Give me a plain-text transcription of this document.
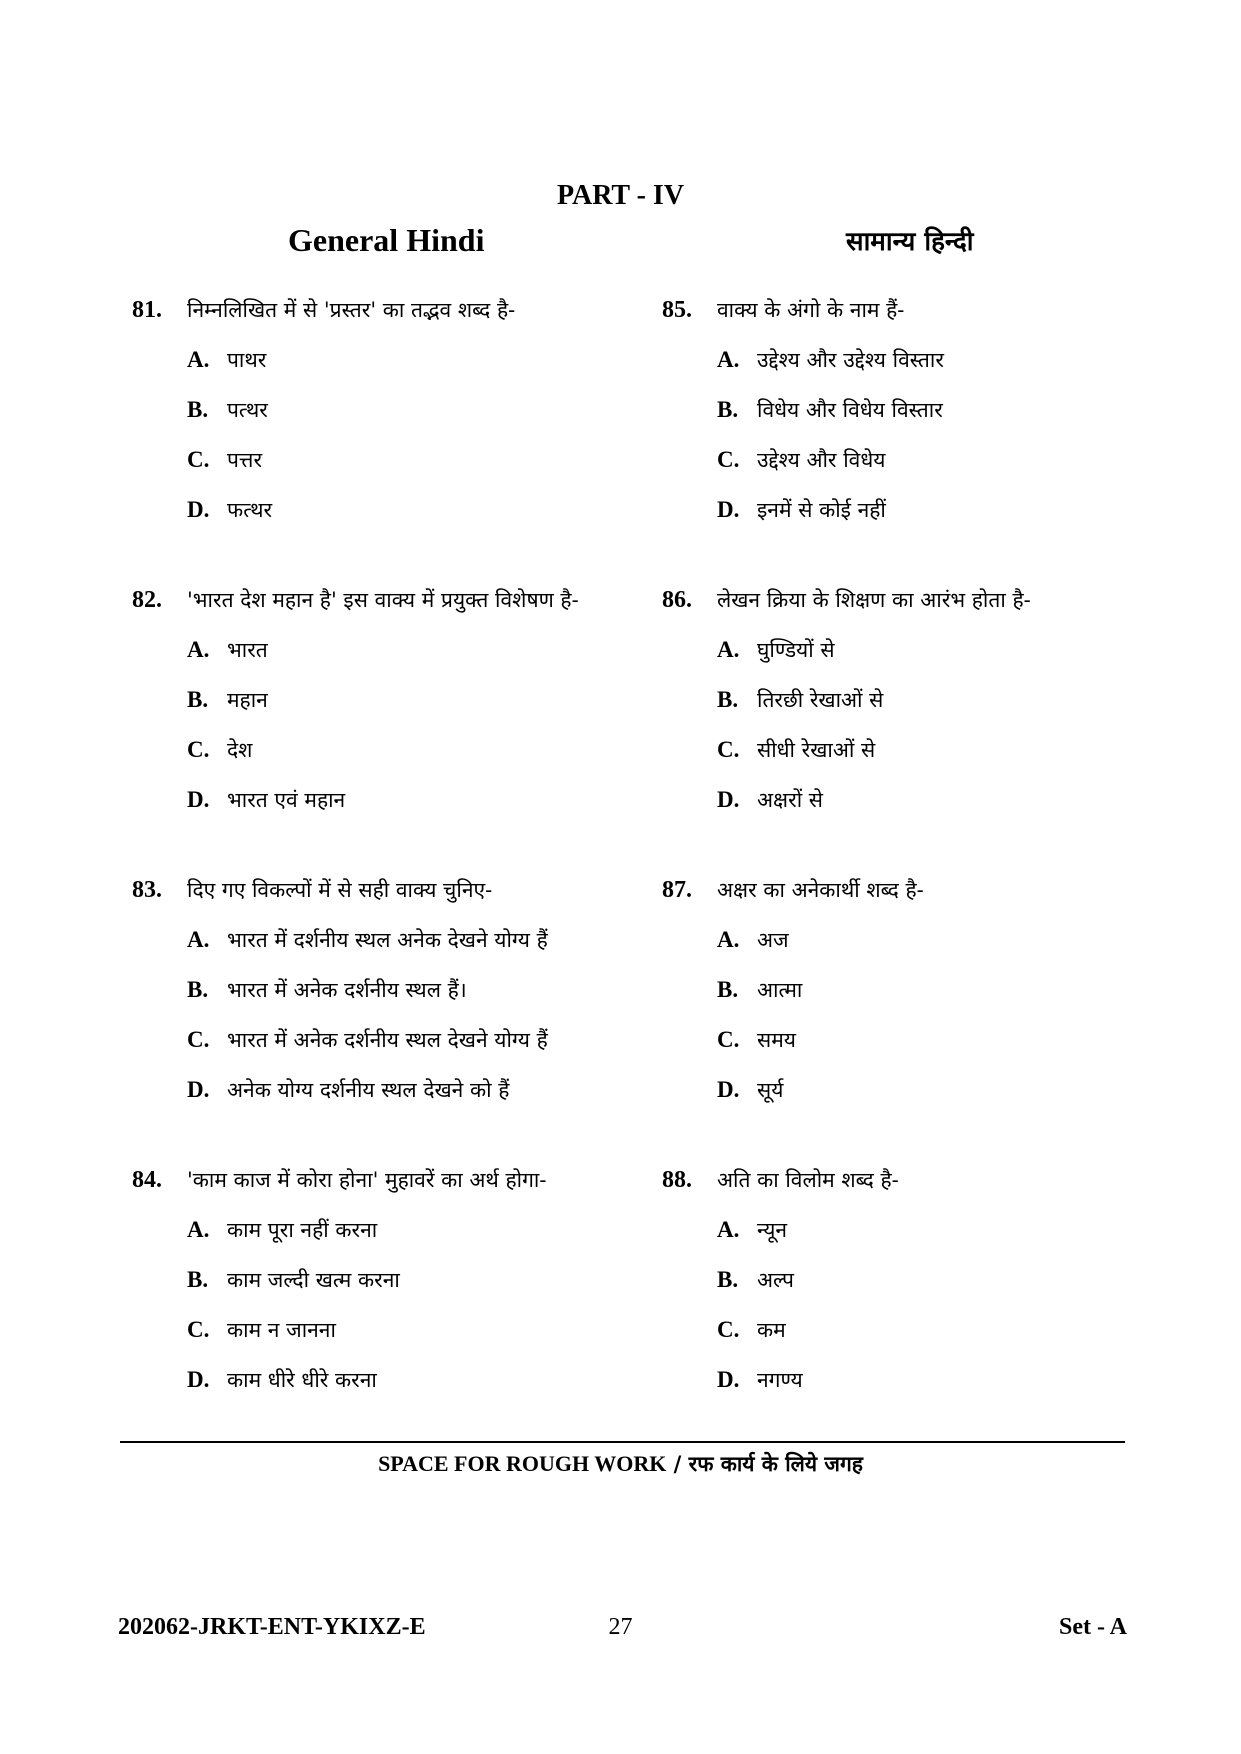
PART - IV
General Hindi	सामान्य हिन्दी
81.	निम्नलिखित में से 'प्रस्तर' का तद्भव शब्द है-
A. पाथर
B. पत्थर
C. पत्तर
D. फत्थर
82.	'भारत देश महान है' इस वाक्य में प्रयुक्त विशेषण है-
A. भारत
B. महान
C. देश
D. भारत एवं महान
83.	दिए गए विकल्पों में से सही वाक्य चुनिए-
A. भारत में दर्शनीय स्थल अनेक देखने योग्य हैं
B. भारत में अनेक दर्शनीय स्थल हैं।
C. भारत में अनेक दर्शनीय स्थल देखने योग्य हैं
D. अनेक योग्य दर्शनीय स्थल देखने को हैं
84.	'काम काज में कोरा होना' मुहावरें का अर्थ होगा-
A. काम पूरा नहीं करना
B. काम जल्दी खत्म करना
C. काम न जानना
D. काम धीरे धीरे करना
85.	वाक्य के अंगो के नाम हैं-
A. उद्देश्य और उद्देश्य विस्तार
B. विधेय और विधेय विस्तार
C. उद्देश्य और विधेय
D. इनमें से कोई नहीं
86.	लेखन क्रिया के शिक्षण का आरंभ होता है-
A. घुण्डियों से
B. तिरछी रेखाओं से
C. सीधी रेखाओं से
D. अक्षरों से
87.	अक्षर का अनेकार्थी शब्द है-
A. अज
B. आत्मा
C. समय
D. सूर्य
88.	अति का विलोम शब्द है-
A. न्यून
B. अल्प
C. कम
D. नगण्य
SPACE FOR ROUGH WORK / रफ कार्य के लिये जगह
27
202062-JRKT-ENT-YKIXZ-E	Set - A
